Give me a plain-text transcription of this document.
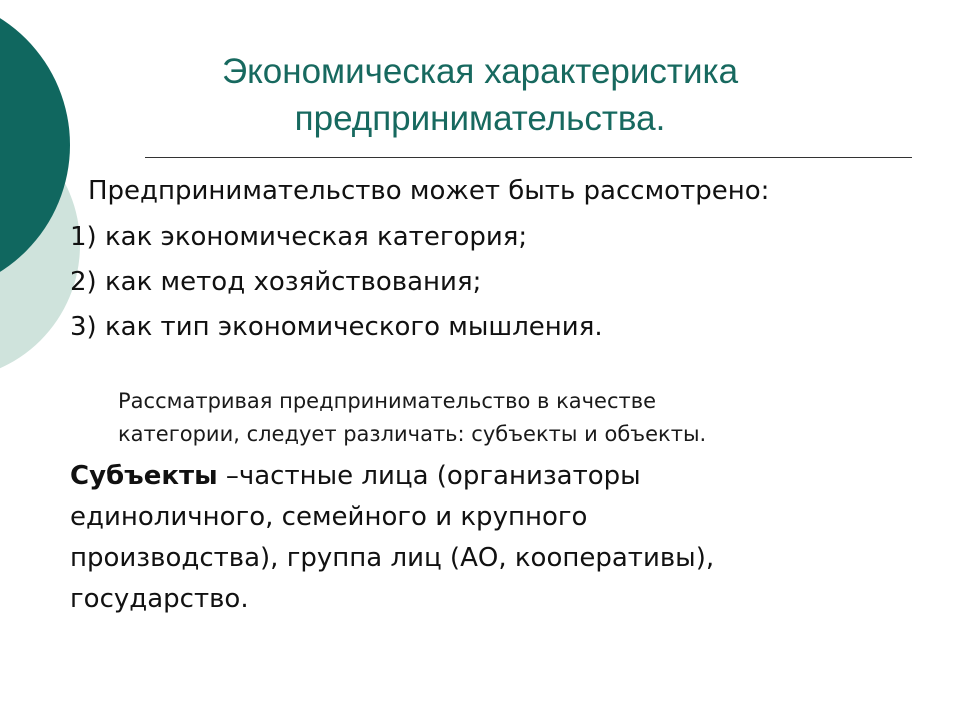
Экономическая характеристика
предпринимательства.
Предпринимательство может быть рассмотрено:
1) как экономическая категория;
2) как метод хозяйствования;
3) как тип экономического мышления.
Рассматривая предпринимательство в качестве
категории, следует различать: субъекты и объекты.
Субъекты –частные лица (организаторы
единоличного, семейного и крупного
производства), группа лиц (АО, кооперативы),
государство.
